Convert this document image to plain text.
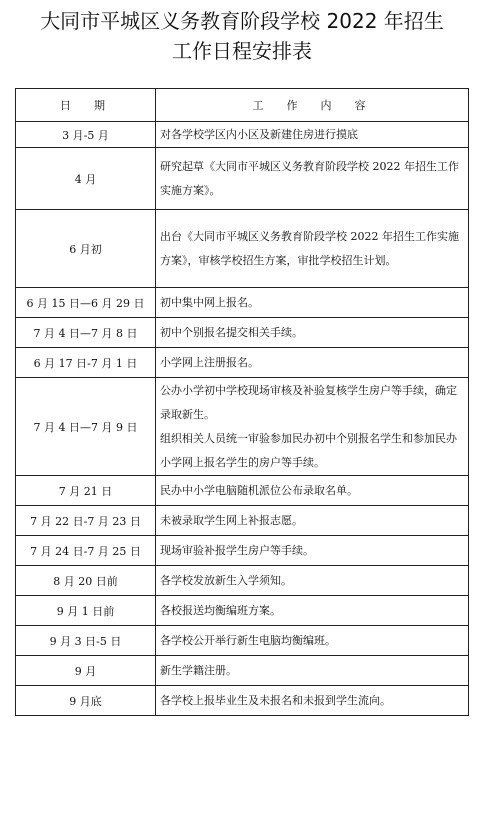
大同市平城区义务教育阶段学校 2022 年招生
工作日程安排表
日　期	工　作　内　容
3 月-5 月	对各学校学区内小区及新建住房进行摸底

4 月	研究起草《大同市平城区义务教育阶段学校 2022 年招生工作实施方案》。

6 月初	出台《大同市平城区义务教育阶段学校 2022 年招生工作实施方案》，审核学校招生方案，审批学校招生计划。

6 月 15 日—6 月 29 日	初中集中网上报名。

7 月 4 日—7 月 8 日	初中个别报名提交相关手续。

6 月 17 日-7 月 1 日	小学网上注册报名。

7 月 4 日—7 月 9 日	公办小学初中学校现场审核及补验复核学生房户等手续，确定录取新生。
组织相关人员统一审验参加民办初中个别报名学生和参加民办小学网上报名学生的房户等手续。

7 月 21 日	民办中小学电脑随机派位公布录取名单。

7 月 22 日-7 月 23 日	未被录取学生网上补报志愿。

7 月 24 日-7 月 25 日	现场审验补报学生房户等手续。

8 月 20 日前	各学校发放新生入学须知。

9 月 1 日前	各校报送均衡编班方案。

9 月 3 日-5 日	各学校公开举行新生电脑均衡编班。

9 月	新生学籍注册。

9 月底	各学校上报毕业生及未报名和未报到学生流向。
